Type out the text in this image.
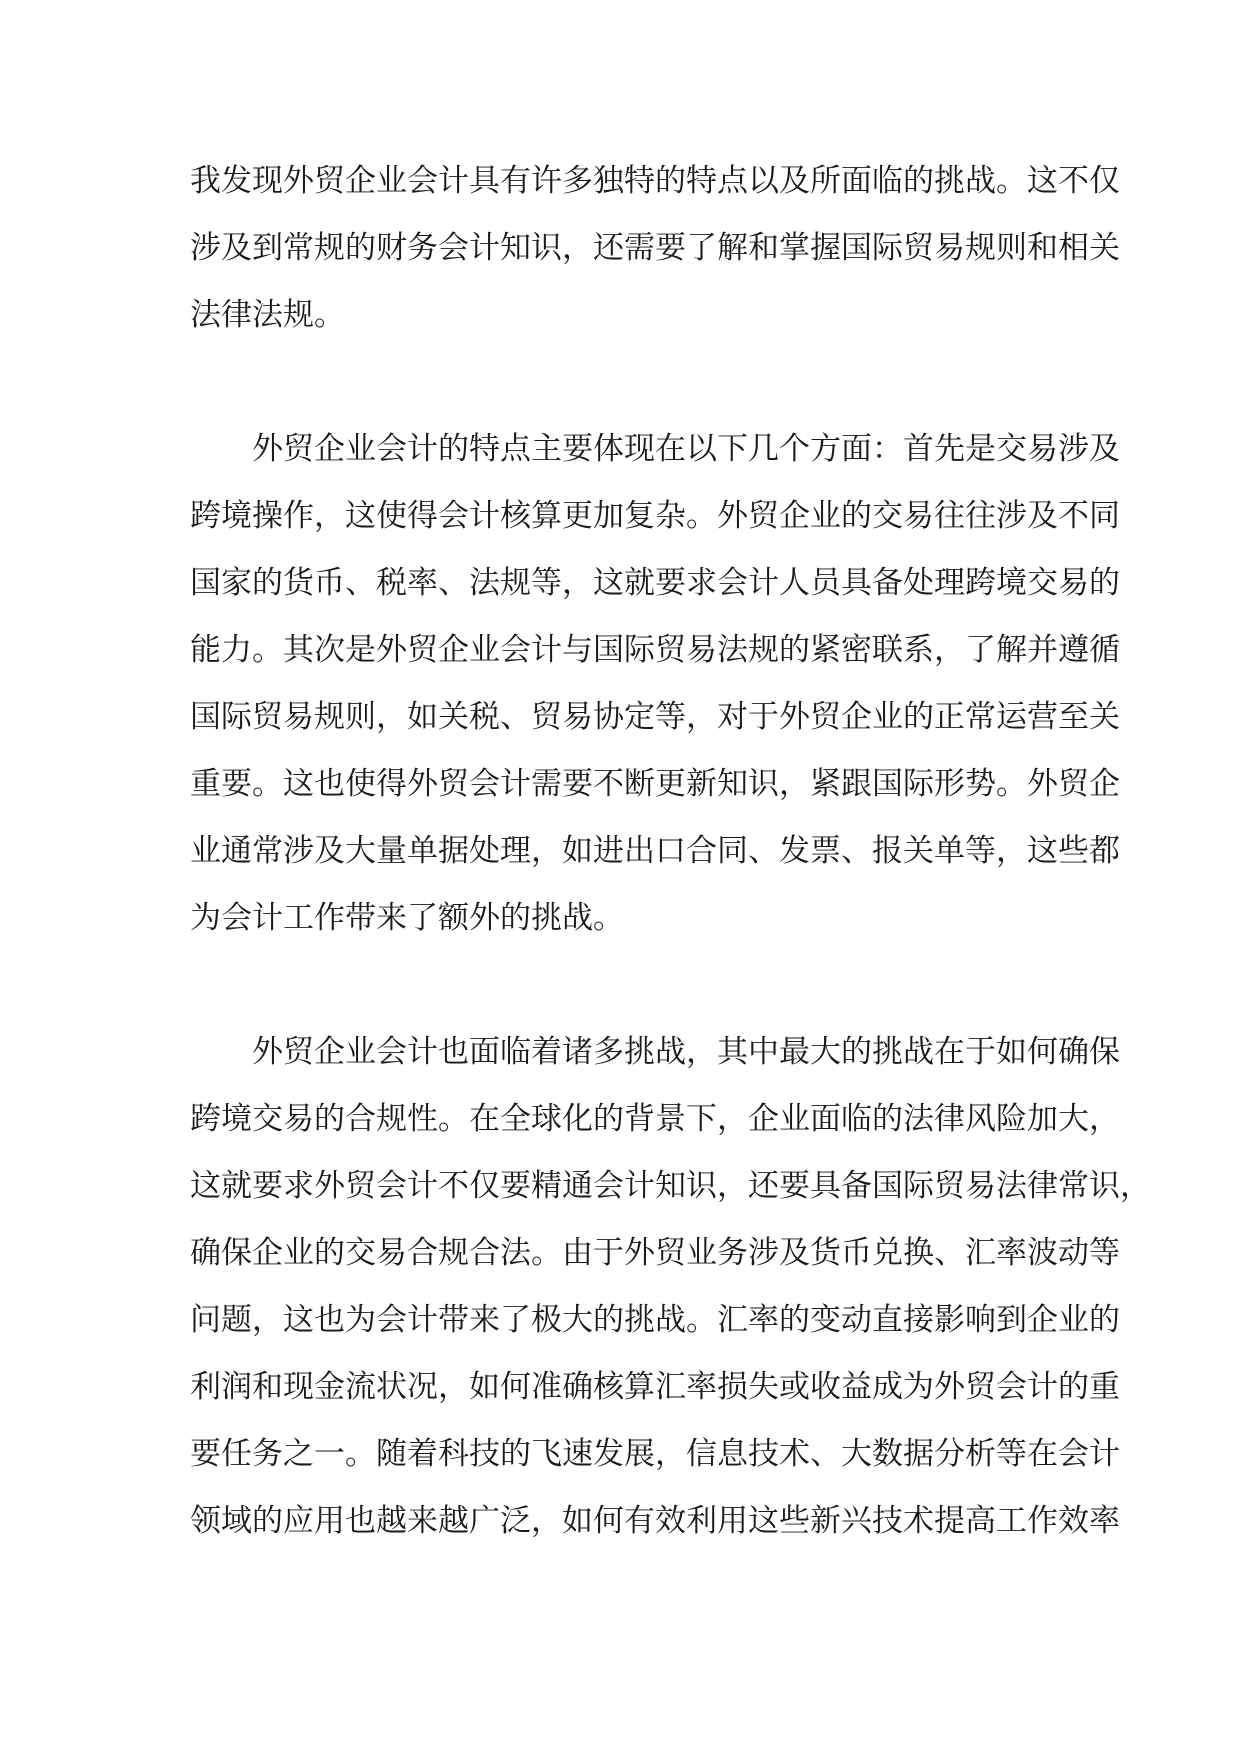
我发现外贸企业会计具有许多独特的特点以及所面临的挑战。这不仅
涉及到常规的财务会计知识，还需要了解和掌握国际贸易规则和相关
法律法规。
外贸企业会计的特点主要体现在以下几个方面：首先是交易涉及
跨境操作，这使得会计核算更加复杂。外贸企业的交易往往涉及不同
国家的货币、税率、法规等，这就要求会计人员具备处理跨境交易的
能力。其次是外贸企业会计与国际贸易法规的紧密联系，了解并遵循
国际贸易规则，如关税、贸易协定等，对于外贸企业的正常运营至关
重要。这也使得外贸会计需要不断更新知识，紧跟国际形势。外贸企
业通常涉及大量单据处理，如进出口合同、发票、报关单等，这些都
为会计工作带来了额外的挑战。
外贸企业会计也面临着诸多挑战，其中最大的挑战在于如何确保
跨境交易的合规性。在全球化的背景下，企业面临的法律风险加大，
这就要求外贸会计不仅要精通会计知识，还要具备国际贸易法律常识，
确保企业的交易合规合法。由于外贸业务涉及货币兑换、汇率波动等
问题，这也为会计带来了极大的挑战。汇率的变动直接影响到企业的
利润和现金流状况，如何准确核算汇率损失或收益成为外贸会计的重
要任务之一。随着科技的飞速发展，信息技术、大数据分析等在会计
领域的应用也越来越广泛，如何有效利用这些新兴技术提高工作效率
